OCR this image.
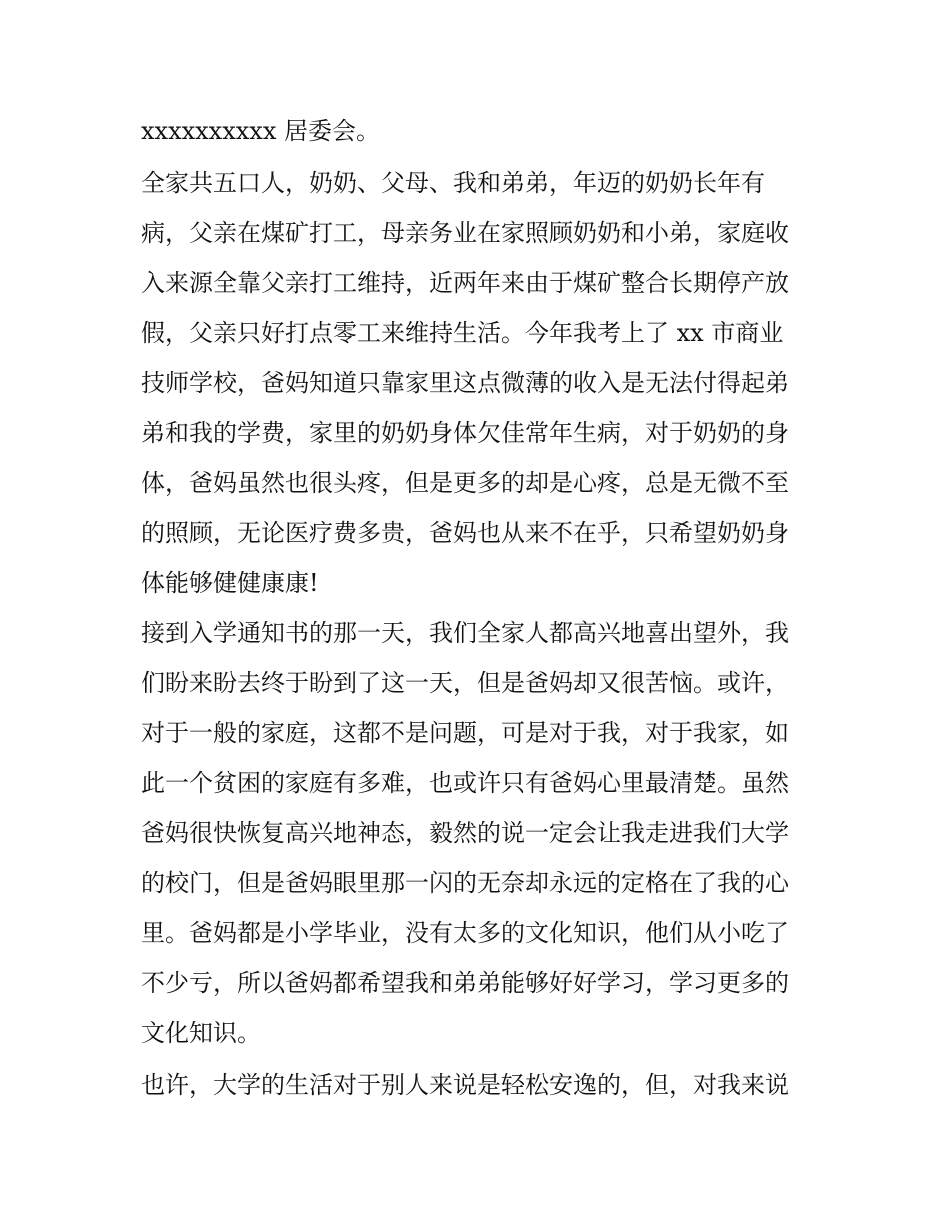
xxxxxxxxxx 居委会。
全家共五口人，奶奶、父母、我和弟弟，年迈的奶奶长年有
病，父亲在煤矿打工，母亲务业在家照顾奶奶和小弟，家庭收
入来源全靠父亲打工维持，近两年来由于煤矿整合长期停产放
假，父亲只好打点零工来维持生活。今年我考上了 xx 市商业
技师学校，爸妈知道只靠家里这点微薄的收入是无法付得起弟
弟和我的学费，家里的奶奶身体欠佳常年生病，对于奶奶的身
体，爸妈虽然也很头疼，但是更多的却是心疼，总是无微不至
的照顾，无论医疗费多贵，爸妈也从来不在乎，只希望奶奶身
体能够健健康康!
接到入学通知书的那一天，我们全家人都高兴地喜出望外，我
们盼来盼去终于盼到了这一天，但是爸妈却又很苦恼。或许，
对于一般的家庭，这都不是问题，可是对于我，对于我家，如
此一个贫困的家庭有多难，也或许只有爸妈心里最清楚。虽然
爸妈很快恢复高兴地神态，毅然的说一定会让我走进我们大学
的校门，但是爸妈眼里那一闪的无奈却永远的定格在了我的心
里。爸妈都是小学毕业，没有太多的文化知识，他们从小吃了
不少亏，所以爸妈都希望我和弟弟能够好好学习，学习更多的
文化知识。
也许，大学的生活对于别人来说是轻松安逸的，但，对我来说
